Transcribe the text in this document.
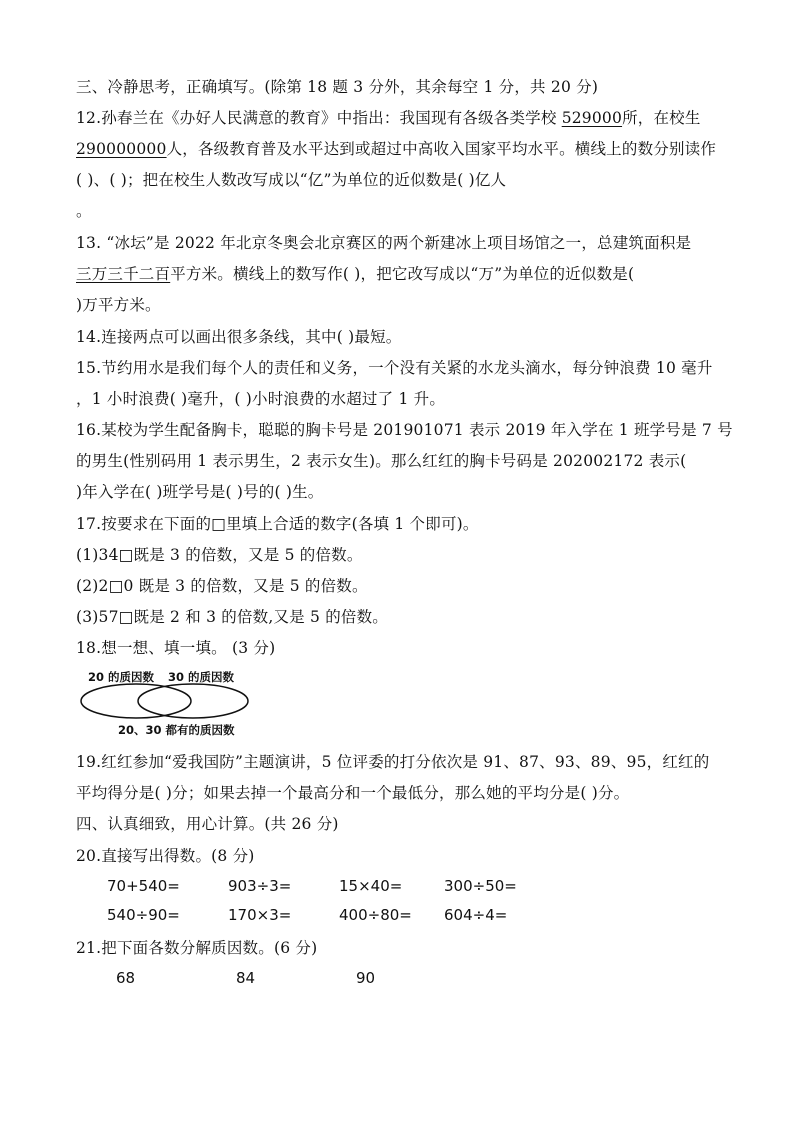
三、冷静思考，正确填写。(除第 18 题 3 分外，其余每空 1 分，共 20 分)
12.孙春兰在《办好人民满意的教育》中指出：我国现有各级各类学校 529000所，在校生
290000000人，各级教育普及水平达到或超过中高收入国家平均水平。横线上的数分别读作
( )、( )；把在校生人数改写成以“亿”为单位的近似数是( )亿人
。
13. “冰坛”是 2022 年北京冬奥会北京赛区的两个新建冰上项目场馆之一，总建筑面积是
三万三千二百平方米。横线上的数写作( )，把它改写成以“万”为单位的近似数是(
)万平方米。
14.连接两点可以画出很多条线，其中( )最短。
15.节约用水是我们每个人的责任和义务，一个没有关紧的水龙头滴水，每分钟浪费 10 毫升
，1 小时浪费( )毫升，( )小时浪费的水超过了 1 升。
16.某校为学生配备胸卡，聪聪的胸卡号是 201901071 表示 2019 年入学在 1 班学号是 7 号
的男生(性别码用 1 表示男生，2 表示女生)。那么红红的胸卡号码是 202002172 表示(
)年入学在( )班学号是( )号的( )生。
17.按要求在下面的□里填上合适的数字(各填 1 个即可)。
(1)34□既是 3 的倍数，又是 5 的倍数。
(2)2□0 既是 3 的倍数，又是 5 的倍数。
(3)57□既是 2 和 3 的倍数,又是 5 的倍数。
18.想一想、填一填。 (3 分)
20 的质因数 30 的质因数
20、30 都有的质因数
19.红红参加“爱我国防”主题演讲，5 位评委的打分依次是 91、87、93、89、95，红红的
平均得分是( )分；如果去掉一个最高分和一个最低分，那么她的平均分是( )分。
四、认真细致，用心计算。(共 26 分)
20.直接写出得数。(8 分)
70+540=	903÷3=	15×40=	300÷50=
540÷90=	170×3=	400÷80= 604÷4=
21.把下面各数分解质因数。(6 分)
68	84	90
